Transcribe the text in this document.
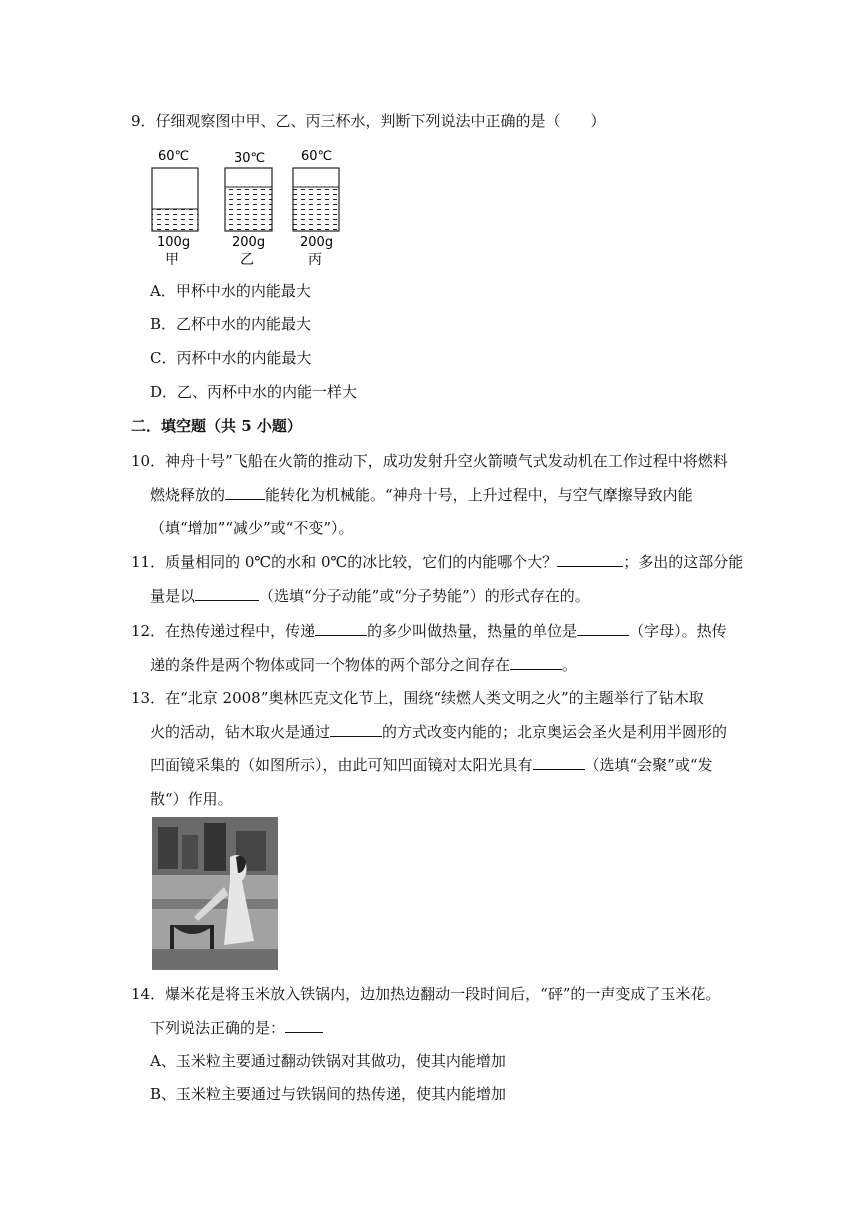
9．仔细观察图中甲、乙、丙三杯水，判断下列说法中正确的是（　　）
60℃
100g
甲
30℃
200g
乙
60℃
200g
丙
A．甲杯中水的内能最大
B．乙杯中水的内能最大
C．丙杯中水的内能最大
D．乙、丙杯中水的内能一样大
二．填空题（共 5 小题）
10．神舟十号”飞船在火箭的推动下，成功发射升空火箭喷气式发动机在工作过程中将燃料
燃烧释放的	能转化为机械能。“神舟十号，上升过程中，与空气摩擦导致内能
（填“增加”“减少”或“不变”）。
11．质量相同的 0℃的水和 0℃的冰比较，它们的内能哪个大？	；多出的这部分能
量是以	（选填“分子动能”或“分子势能”）的形式存在的。
12．在热传递过程中，传递	的多少叫做热量，热量的单位是	（字母）。热传
递的条件是两个物体或同一个物体的两个部分之间存在	。
13．在“北京 2008”奥林匹克文化节上，围绕“续燃人类文明之火”的主题举行了钻木取
火的活动，钻木取火是通过	的方式改变内能的；北京奥运会圣火是利用半圆形的
凹面镜采集的（如图所示），由此可知凹面镜对太阳光具有	（选填“会聚”或“发
散“）作用。
14．爆米花是将玉米放入铁锅内，边加热边翻动一段时间后，“砰”的一声变成了玉米花。
下列说法正确的是：
A、玉米粒主要通过翻动铁锅对其做功，使其内能增加
B、玉米粒主要通过与铁锅间的热传递，使其内能增加
